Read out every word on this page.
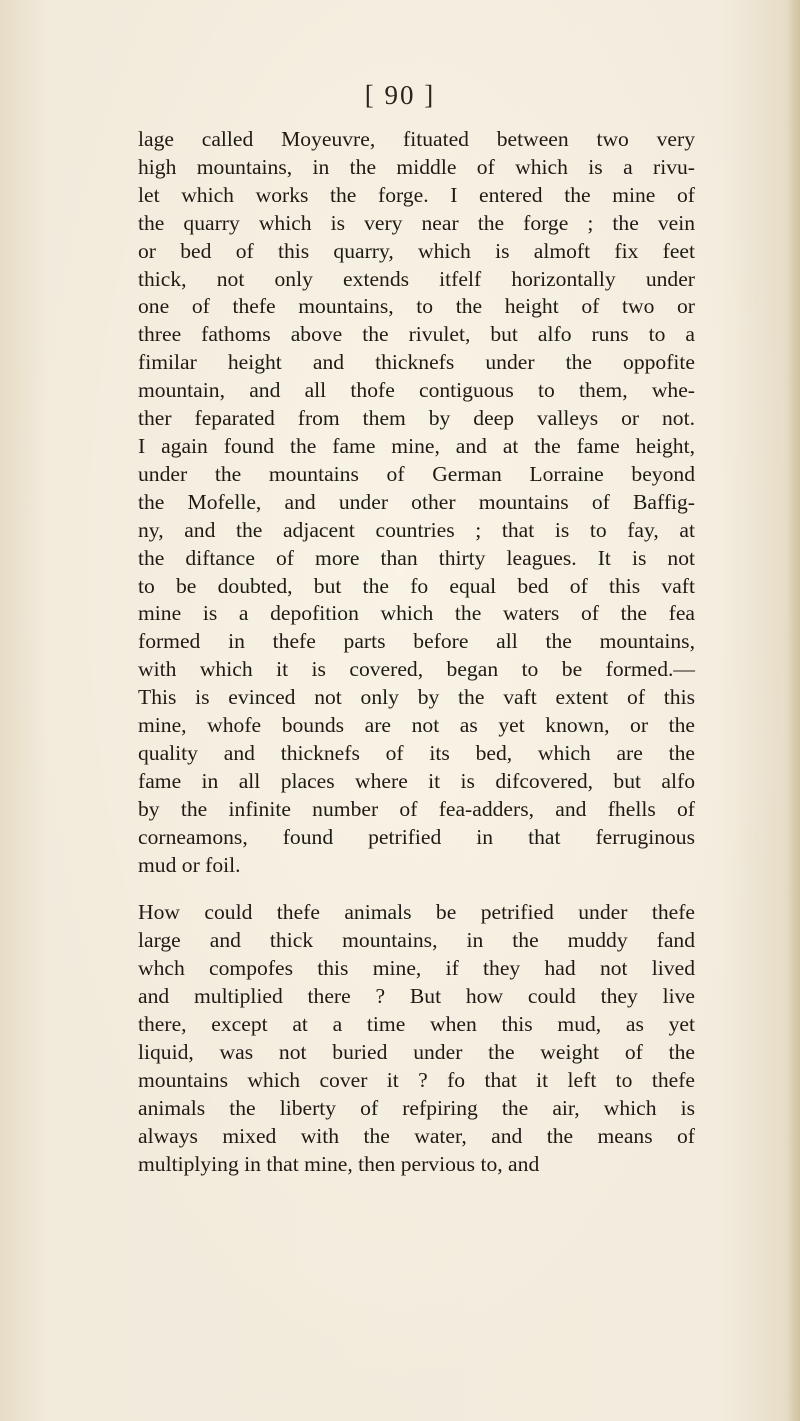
[ 90 ]

lage called Moyeuvre, fituated between two very
high mountains, in the middle of which is a rivu-
let which works the forge. I entered the mine of
the quarry which is very near the forge ; the vein
or bed of this quarry, which is almoft fix feet
thick, not only extends itfelf horizontally under
one of thefe mountains, to the height of two or
three fathoms above the rivulet, but alfo runs to a
fimilar height and thicknefs under the oppofite
mountain, and all thofe contiguous to them, whe-
ther feparated from them by deep valleys or not.
I again found the fame mine, and at the fame height,
under the mountains of German Lorraine beyond
the Mofelle, and under other mountains of Baffig-
ny, and the adjacent countries ; that is to fay, at
the diftance of more than thirty leagues. It is not
to be doubted, but the fo equal bed of this vaft
mine is a depofition which the waters of the fea
formed in thefe parts before all the mountains,
with which it is covered, began to be formed.—
This is evinced not only by the vaft extent of this
mine, whofe bounds are not as yet known, or the
quality and thicknefs of its bed, which are the
fame in all places where it is difcovered, but alfo
by the infinite number of fea-adders, and fhells of
corneamons, found petrified in that ferruginous
mud or foil.

How could thefe animals be petrified under thefe
large and thick mountains, in the muddy fand
whch compofes this mine, if they had not lived
and multiplied there ? But how could they live
there, except at a time when this mud, as yet
liquid, was not buried under the weight of the
mountains which cover it ? fo that it left to thefe
animals the liberty of refpiring the air, which is
always mixed with the water, and the means of
multiplying in that mine, then pervious to, and
